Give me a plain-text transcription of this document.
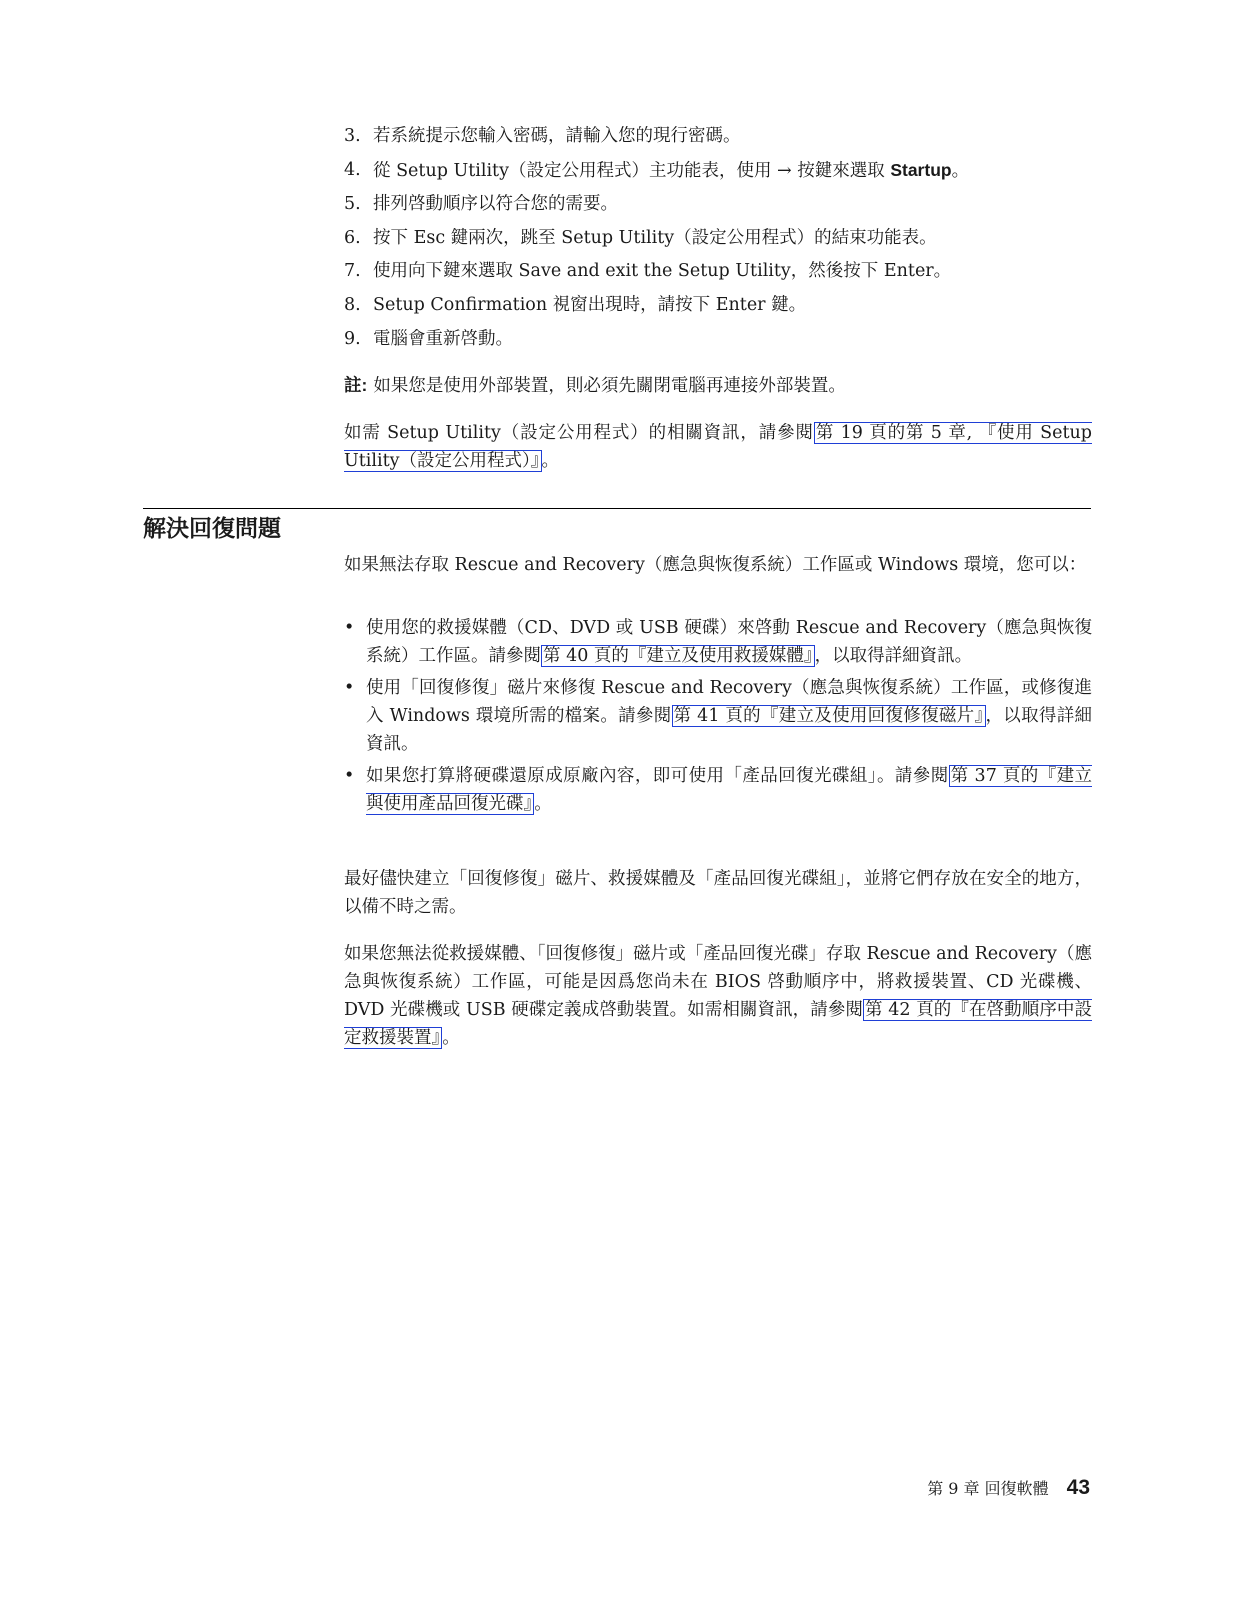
3. 若系統提示您輸入密碼，請輸入您的現行密碼。
4. 從 Setup Utility（設定公用程式）主功能表，使用 → 按鍵來選取 Startup。
5. 排列啓動順序以符合您的需要。
6. 按下 Esc 鍵兩次，跳至 Setup Utility（設定公用程式）的結束功能表。
7. 使用向下鍵來選取 Save and exit the Setup Utility，然後按下 Enter。
8. Setup Confirmation 視窗出現時，請按下 Enter 鍵。
9. 電腦會重新啓動。
註: 如果您是使用外部裝置，則必須先關閉電腦再連接外部裝置。

如需 Setup Utility（設定公用程式）的相關資訊，請參閱 第 19 頁的第 5 章, 『使用 Setup Utility（設定公用程式）』 。

解決回復問題

如果無法存取 Rescue and Recovery（應急與恢復系統）工作區或 Windows 環境，您可以：

• 使用您的救援媒體（CD、DVD 或 USB 硬碟）來啓動 Rescue and Recovery（應急與恢復系統）工作區。請參閱 第 40 頁的『建立及使用救援媒體』 ，以取得詳細資訊。
• 使用「回復修復」磁片來修復 Rescue and Recovery（應急與恢復系統）工作區，或修復進入 Windows 環境所需的檔案。請參閱 第 41 頁的『建立及使用回復修復磁片』 ，以取得詳細資訊。
• 如果您打算將硬碟還原成原廠內容，即可使用「產品回復光碟組」。請參閱 第 37 頁的『建立與使用產品回復光碟』 。

最好儘快建立「回復修復」磁片、救援媒體及「產品回復光碟組」，並將它們存放在安全的地方，以備不時之需。

如果您無法從救援媒體、「回復修復」磁片或「產品回復光碟」存取 Rescue and Recovery（應急與恢復系統）工作區，可能是因爲您尚未在 BIOS 啓動順序中，將救援裝置、CD 光碟機、DVD 光碟機或 USB 硬碟定義成啓動裝置。如需相關資訊，請參閱 第 42 頁的『在啓動順序中設定救援裝置』 。

第 9 章 回復軟體 43
